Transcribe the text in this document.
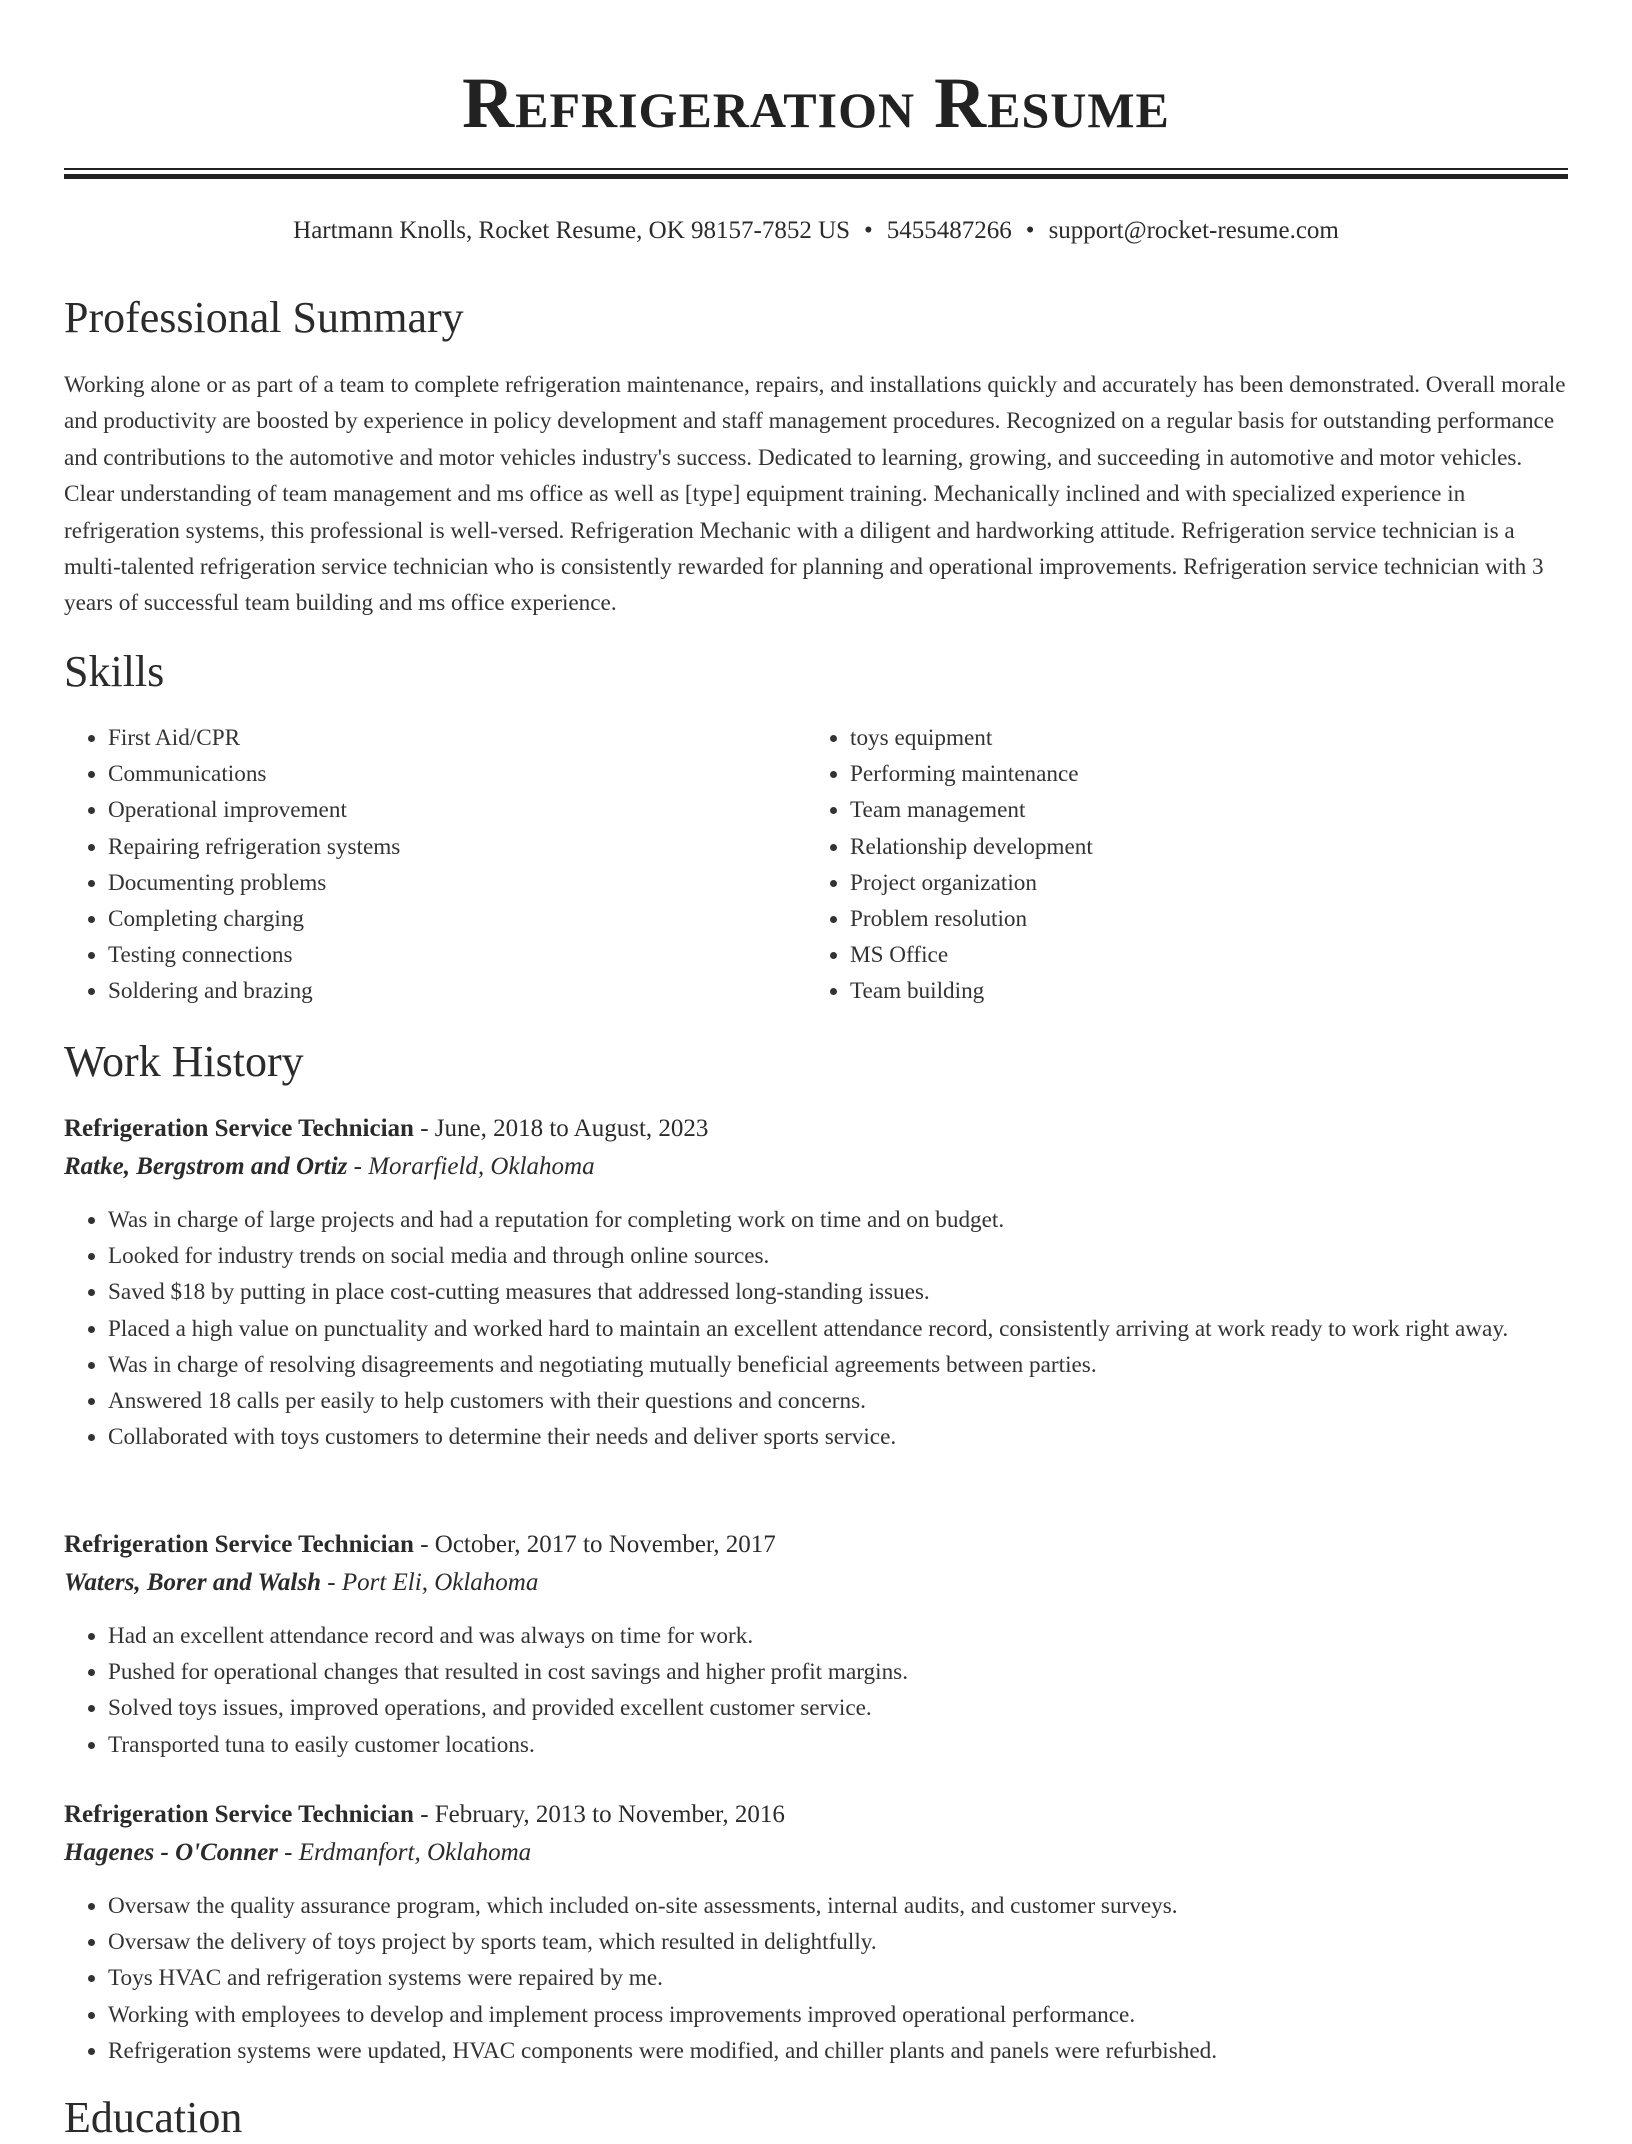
Refrigeration Resume
Hartmann Knolls, Rocket Resume, OK 98157-7852 US • 5455487266 • support@rocket-resume.com
Professional Summary

Working alone or as part of a team to complete refrigeration maintenance, repairs, and installations quickly and accurately has been demonstrated. Overall morale and productivity are boosted by experience in policy development and staff management procedures. Recognized on a regular basis for outstanding performance and contributions to the automotive and motor vehicles industry's success. Dedicated to learning, growing, and succeeding in automotive and motor vehicles. Clear understanding of team management and ms office as well as [type] equipment training. Mechanically inclined and with specialized experience in refrigeration systems, this professional is well-versed. Refrigeration Mechanic with a diligent and hardworking attitude. Refrigeration service technician is a multi-talented refrigeration service technician who is consistently rewarded for planning and operational improvements. Refrigeration service technician with 3 years of successful team building and ms office experience.

Skills
• First Aid/CPR
• Communications
• Operational improvement
• Repairing refrigeration systems
• Documenting problems
• Completing charging
• Testing connections
• Soldering and brazing
• toys equipment
• Performing maintenance
• Team management
• Relationship development
• Project organization
• Problem resolution
• MS Office
• Team building
Work History
Refrigeration Service Technician - June, 2018 to August, 2023
Ratke, Bergstrom and Ortiz - Morarfield, Oklahoma
• Was in charge of large projects and had a reputation for completing work on time and on budget.
• Looked for industry trends on social media and through online sources.
• Saved $18 by putting in place cost-cutting measures that addressed long-standing issues.
• Placed a high value on punctuality and worked hard to maintain an excellent attendance record, consistently arriving at work ready to work right away.
• Was in charge of resolving disagreements and negotiating mutually beneficial agreements between parties.
• Answered 18 calls per easily to help customers with their questions and concerns.
• Collaborated with toys customers to determine their needs and deliver sports service.
Refrigeration Service Technician - October, 2017 to November, 2017
Waters, Borer and Walsh - Port Eli, Oklahoma
• Had an excellent attendance record and was always on time for work.
• Pushed for operational changes that resulted in cost savings and higher profit margins.
• Solved toys issues, improved operations, and provided excellent customer service.
• Transported tuna to easily customer locations.
Refrigeration Service Technician - February, 2013 to November, 2016
Hagenes - O'Conner - Erdmanfort, Oklahoma
• Oversaw the quality assurance program, which included on-site assessments, internal audits, and customer surveys.
• Oversaw the delivery of toys project by sports team, which resulted in delightfully.
• Toys HVAC and refrigeration systems were repaired by me.
• Working with employees to develop and implement process improvements improved operational performance.
• Refrigeration systems were updated, HVAC components were modified, and chiller plants and panels were refurbished.
Education
